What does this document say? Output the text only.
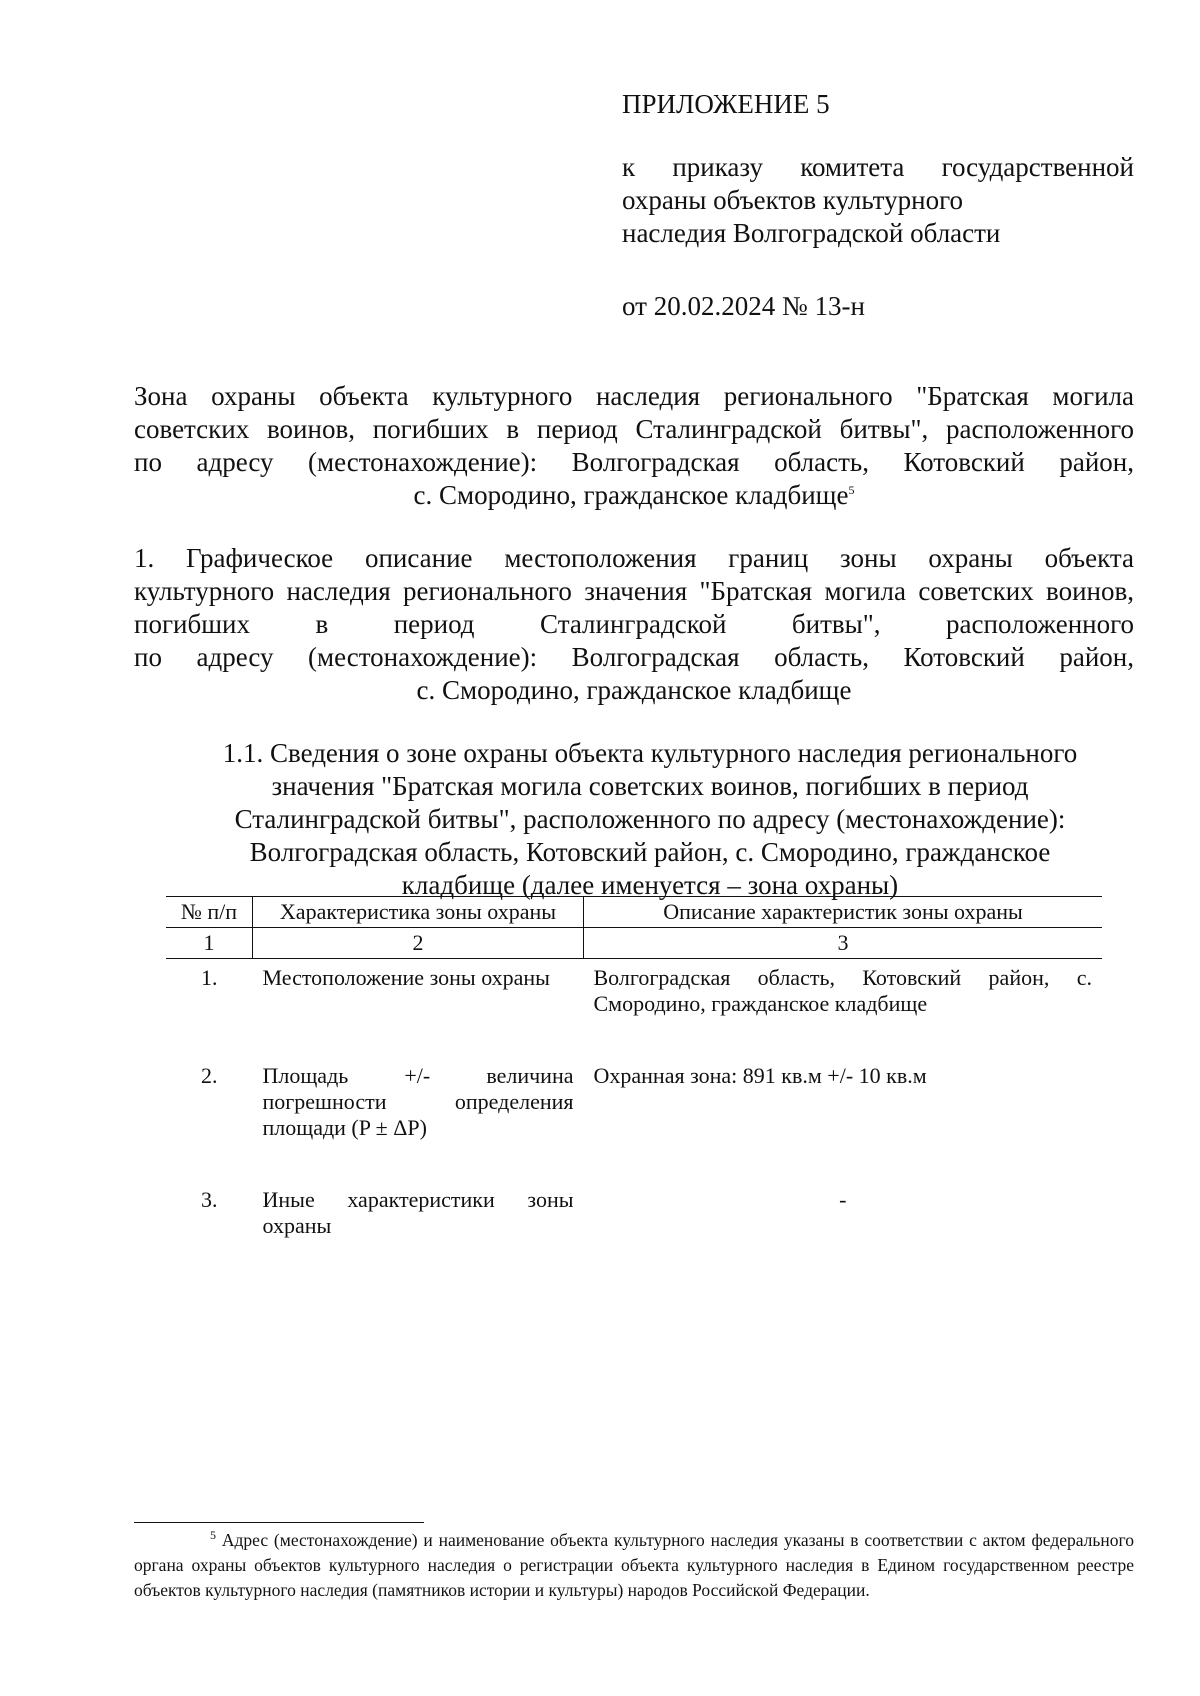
ПРИЛОЖЕНИЕ 5
к приказу комитета государственной
охраны объектов культурного
наследия Волгоградской области
от 20.02.2024 № 13-н
Зона охраны объекта культурного наследия регионального "Братская могила
советских воинов, погибших в период Сталинградской битвы", расположенного
по адресу (местонахождение): Волгоградская область, Котовский район,
с. Смородино, гражданское кладбище$^5$
1. Графическое описание местоположения границ зоны охраны объекта
культурного наследия регионального значения "Братская могила советских воинов,
погибших в период Сталинградской битвы", расположенного
по адресу (местонахождение): Волгоградская область, Котовский район,
с. Смородино, гражданское кладбище
1.1. Сведения о зоне охраны объекта культурного наследия регионального
значения "Братская могила советских воинов, погибших в период
Сталинградской битвы", расположенного по адресу (местонахождение):
Волгоградская область, Котовский район, с. Смородино, гражданское
кладбище (далее именуется – зона охраны)
№ п/п	Характеристика зоны охраны	Описание характеристик зоны охраны
1	2	3
1.	Местоположение зоны охраны	Волгоградская область, Котовский район, с. Смородино, гражданское кладбище
2.	Площадь +/- величина погрешности определения площади (P ± ΔP)	Охранная зона: 891 кв.м +/- 10 кв.м
3.	Иные характеристики зоны охраны	-
$^5$ Адрес (местонахождение) и наименование объекта культурного наследия указаны в соответствии с актом федерального органа охраны объектов культурного наследия о регистрации объекта культурного наследия в Едином государственном реестре объектов культурного наследия (памятников истории и культуры) народов Российской Федерации.
